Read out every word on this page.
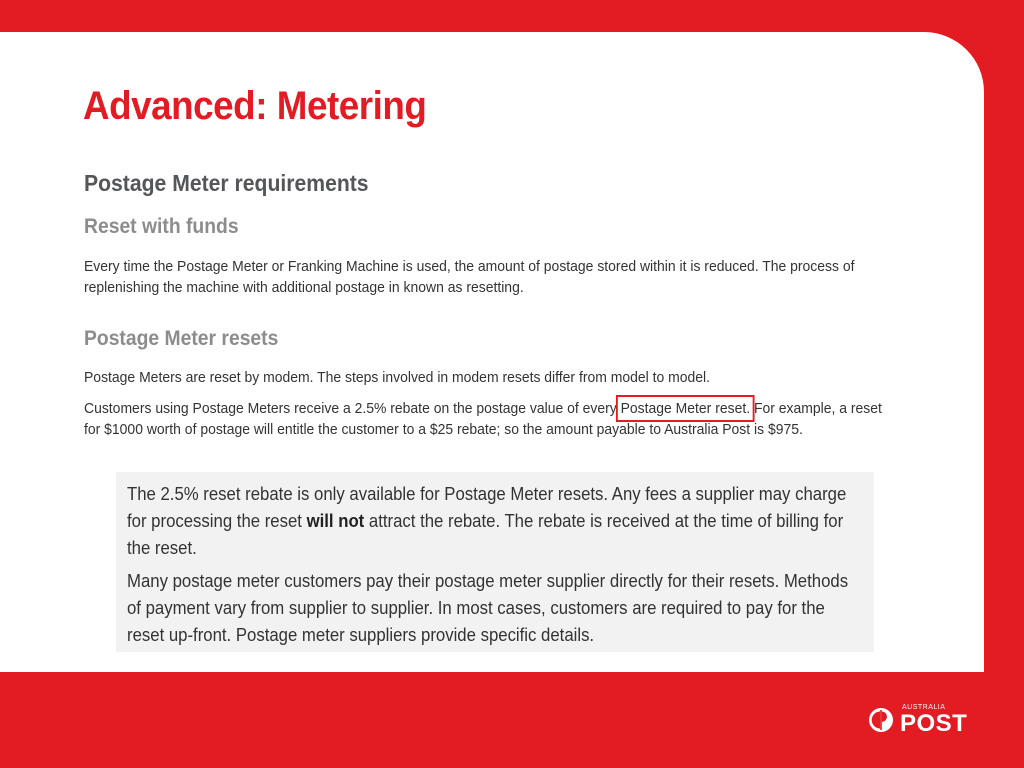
Advanced: Metering
Postage Meter requirements
Reset with funds

Every time the Postage Meter or Franking Machine is used, the amount of postage stored within it is reduced. The process of replenishing the machine with additional postage in known as resetting.

Postage Meter resets

Postage Meters are reset by modem. The steps involved in modem resets differ from model to model.

Customers using Postage Meters receive a 2.5% rebate on the postage value of every Postage Meter reset. For example, a reset for $1000 worth of postage will entitle the customer to a $25 rebate; so the amount payable to Australia Post is $975.

The 2.5% reset rebate is only available for Postage Meter resets. Any fees a supplier may charge for processing the reset will not attract the rebate. The rebate is received at the time of billing for the reset.

Many postage meter customers pay their postage meter supplier directly for their resets. Methods of payment vary from supplier to supplier. In most cases, customers are required to pay for the reset up-front. Postage meter suppliers provide specific details.

AUSTRALIA
POST
